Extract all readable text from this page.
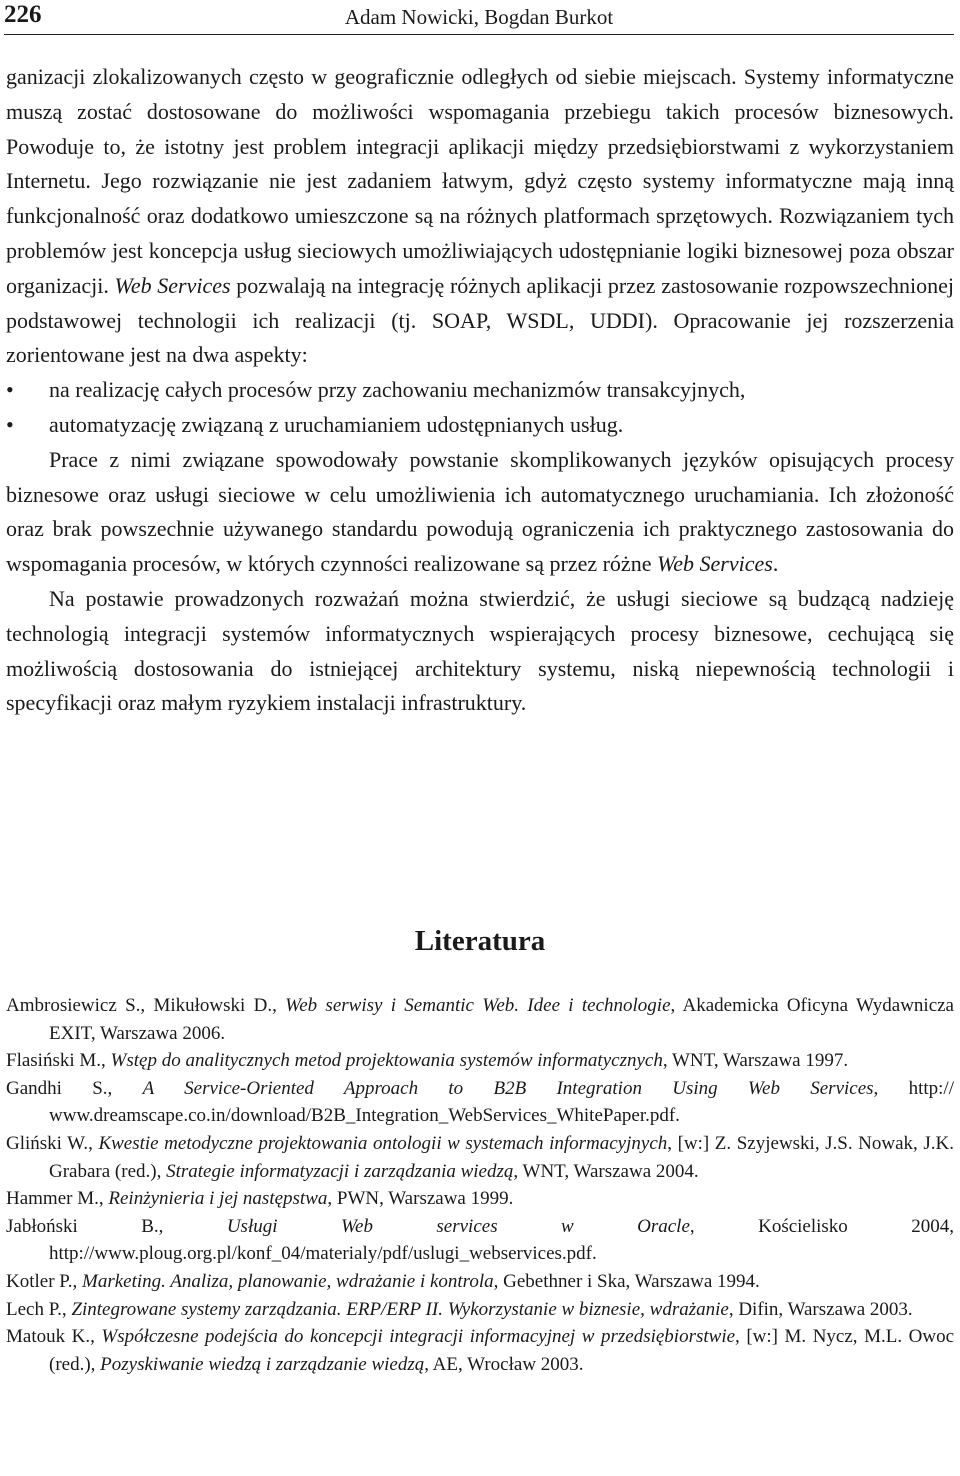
226	Adam Nowicki, Bogdan Burkot

ganizacji zlokalizowanych często w geograficznie odległych od siebie miejscach. Systemy informatyczne muszą zostać dostosowane do możliwości wspomagania przebiegu takich procesów biznesowych. Powoduje to, że istotny jest problem integracji aplikacji między przedsiębiorstwami z wykorzystaniem Internetu. Jego rozwiązanie nie jest zadaniem łatwym, gdyż często systemy informatyczne mają inną funkcjonalność oraz dodatkowo umieszczone są na różnych platformach sprzętowych. Rozwiązaniem tych problemów jest koncepcja usług sieciowych umożliwiających udostępnianie logiki biznesowej poza obszar organizacji. Web Services pozwalają na integrację różnych aplikacji przez zastosowanie rozpowszechnionej podstawowej technologii ich realizacji (tj. SOAP, WSDL, UDDI). Opracowanie jej rozszerzenia zorientowane jest na dwa aspekty:

• na realizację całych procesów przy zachowaniu mechanizmów transakcyjnych,
• automatyzację związaną z uruchamianiem udostępnianych usług.

Prace z nimi związane spowodowały powstanie skomplikowanych języków opisujących procesy biznesowe oraz usługi sieciowe w celu umożliwienia ich automatycznego uruchamiania. Ich złożoność oraz brak powszechnie używanego standardu powodują ograniczenia ich praktycznego zastosowania do wspomagania procesów, w których czynności realizowane są przez różne Web Services.

Na postawie prowadzonych rozważań można stwierdzić, że usługi sieciowe są budzącą nadzieję technologią integracji systemów informatycznych wspierających procesy biznesowe, cechującą się możliwością dostosowania do istniejącej architektury systemu, niską niepewnością technologii i specyfikacji oraz małym ryzykiem instalacji infrastruktury.

Literatura
Ambrosiewicz S., Mikułowski D., Web serwisy i Semantic Web. Idee i technologie, Akademicka Oficyna Wydawnicza EXIT, Warszawa 2006.
Flasiński M., Wstęp do analitycznych metod projektowania systemów informatycznych, WNT, Warszawa 1997.
Gandhi S., A Service-Oriented Approach to B2B Integration Using Web Services, http:// www.dreamscape.co.in/download/B2B_Integration_WebServices_WhitePaper.pdf.
Gliński W., Kwestie metodyczne projektowania ontologii w systemach informacyjnych, [w:] Z. Szyjewski, J.S. Nowak, J.K. Grabara (red.), Strategie informatyzacji i zarządzania wiedzą, WNT, Warszawa 2004.
Hammer M., Reinżynieria i jej następstwa, PWN, Warszawa 1999.
Jabłoński B., Usługi Web services w Oracle, Kościelisko 2004, http://www.ploug.org.pl/konf_04/materialy/pdf/uslugi_webservices.pdf.
Kotler P., Marketing. Analiza, planowanie, wdrażanie i kontrola, Gebethner i Ska, Warszawa 1994.
Lech P., Zintegrowane systemy zarządzania. ERP/ERP II. Wykorzystanie w biznesie, wdrażanie, Difin, Warszawa 2003.
Matouk K., Współczesne podejścia do koncepcji integracji informacyjnej w przedsiębiorstwie, [w:] M. Nycz, M.L. Owoc (red.), Pozyskiwanie wiedzą i zarządzanie wiedzą, AE, Wrocław 2003.
